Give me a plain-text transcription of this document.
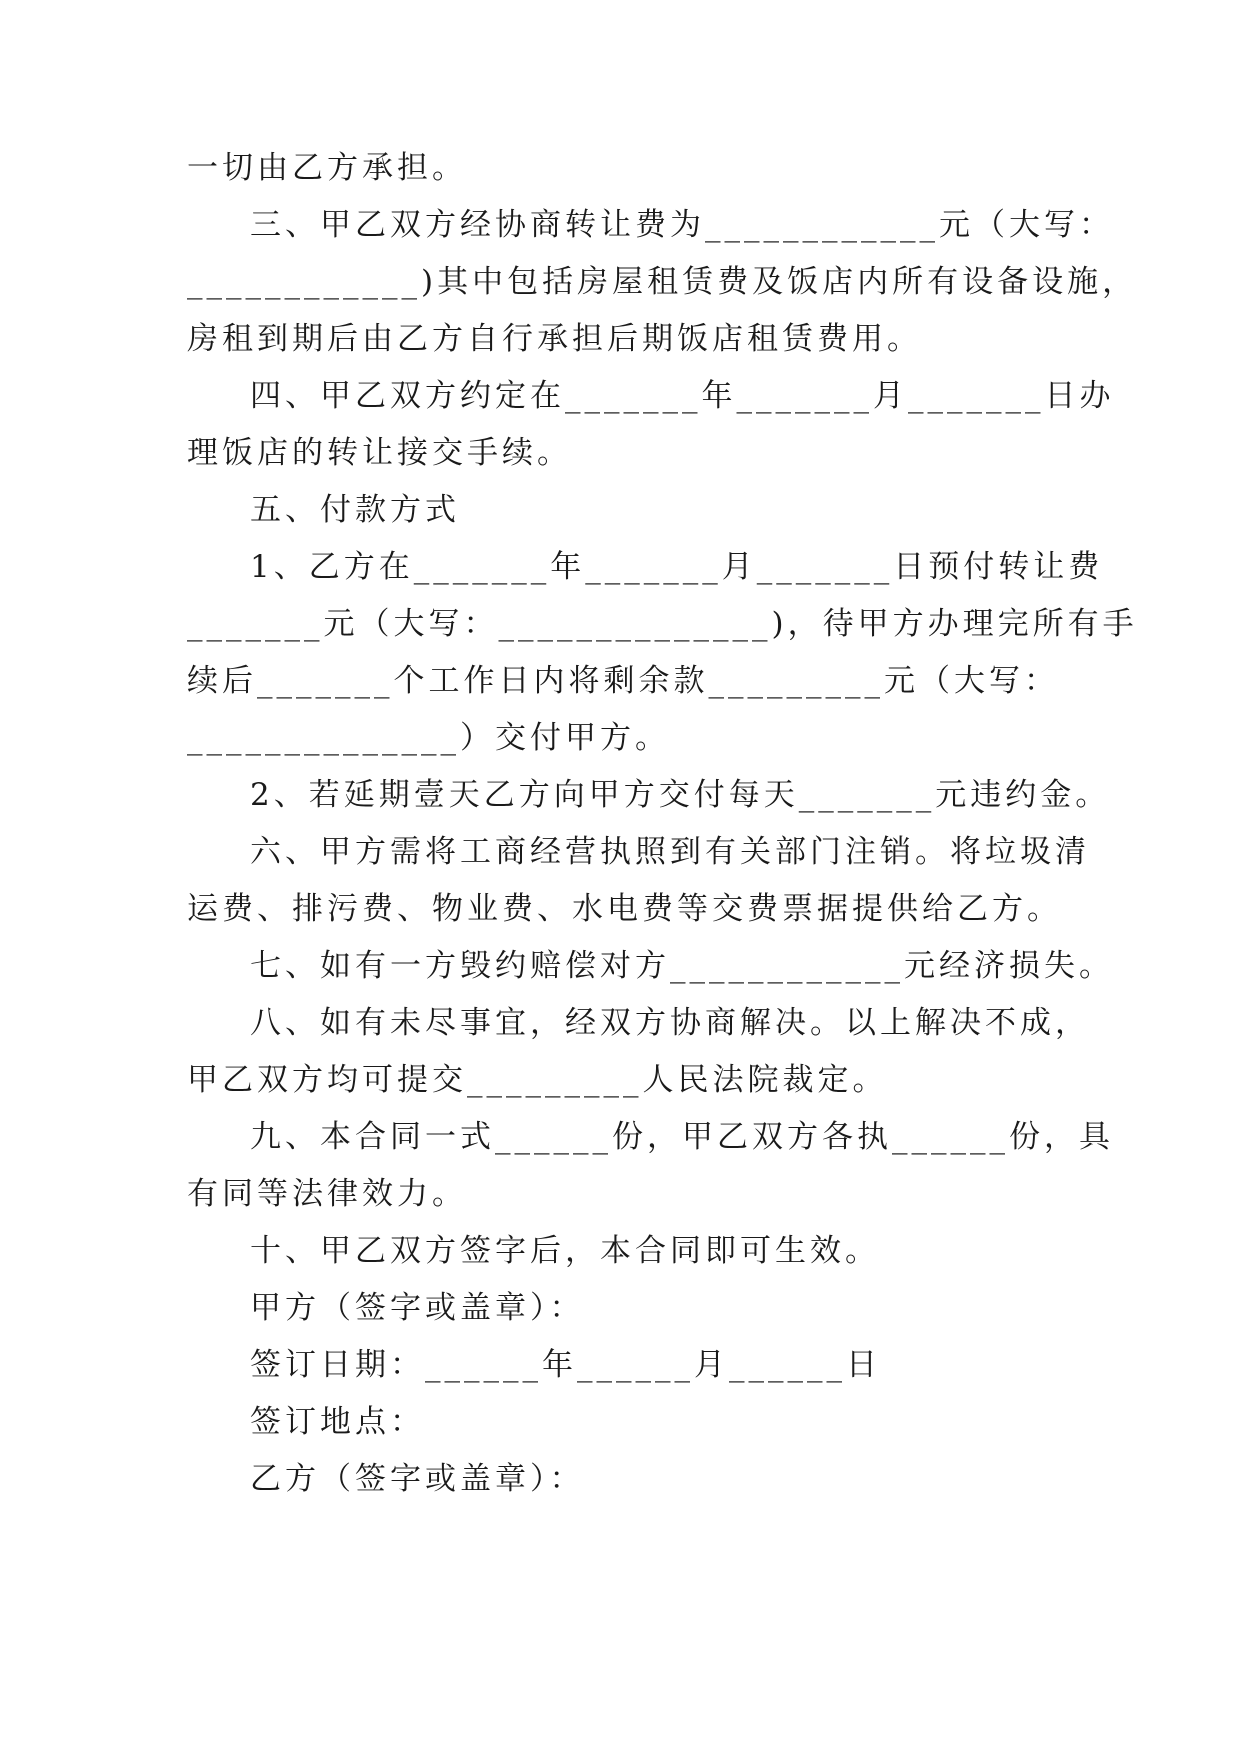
一切由乙方承担。
三、甲乙双方经协商转让费为____________元（大写：
____________)其中包括房屋租赁费及饭店内所有设备设施，
房租到期后由乙方自行承担后期饭店租赁费用。
四、甲乙双方约定在_______年_______月_______日办
理饭店的转让接交手续。
五、付款方式
1、乙方在_______年_______月_______日预付转让费
_______元（大写：______________)，待甲方办理完所有手
续后_______个工作日内将剩余款_________元（大写：
______________）交付甲方。
2、若延期壹天乙方向甲方交付每天_______元违约金。
六、甲方需将工商经营执照到有关部门注销。将垃圾清
运费、排污费、物业费、水电费等交费票据提供给乙方。
七、如有一方毁约赔偿对方____________元经济损失。
八、如有未尽事宜，经双方协商解决。以上解决不成，
甲乙双方均可提交_________人民法院裁定。
九、本合同一式______份，甲乙双方各执______份，具
有同等法律效力。
十、甲乙双方签字后，本合同即可生效。
甲方（签字或盖章）：
签订日期：______年______月______日
签订地点：
乙方（签字或盖章）：
